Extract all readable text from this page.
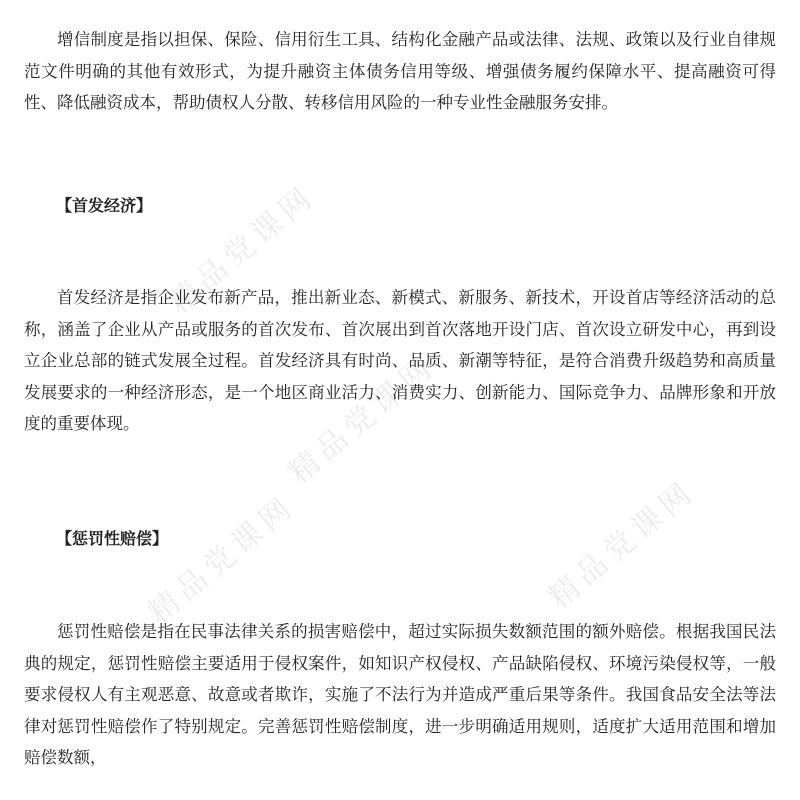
精品党课网
精品党课网
精品党课网	精品党课网

增信制度是指以担保、保险、信用衍生工具、结构化金融产品或法律、法规、政策以及行业自律规范文件明确的其他有效形式，为提升融资主体债务信用等级、增强债务履约保障水平、提高融资可得性、降低融资成本，帮助债权人分散、转移信用风险的一种专业性金融服务安排。

【首发经济】

首发经济是指企业发布新产品，推出新业态、新模式、新服务、新技术，开设首店等经济活动的总称，涵盖了企业从产品或服务的首次发布、首次展出到首次落地开设门店、首次设立研发中心，再到设立企业总部的链式发展全过程。首发经济具有时尚、品质、新潮等特征，是符合消费升级趋势和高质量发展要求的一种经济形态，是一个地区商业活力、消费实力、创新能力、国际竞争力、品牌形象和开放度的重要体现。

【惩罚性赔偿】

惩罚性赔偿是指在民事法律关系的损害赔偿中，超过实际损失数额范围的额外赔偿。根据我国民法典的规定，惩罚性赔偿主要适用于侵权案件，如知识产权侵权、产品缺陷侵权、环境污染侵权等，一般要求侵权人有主观恶意、故意或者欺诈，实施了不法行为并造成严重后果等条件。我国食品安全法等法律对惩罚性赔偿作了特别规定。完善惩罚性赔偿制度，进一步明确适用规则，适度扩大适用范围和增加赔偿数额，
